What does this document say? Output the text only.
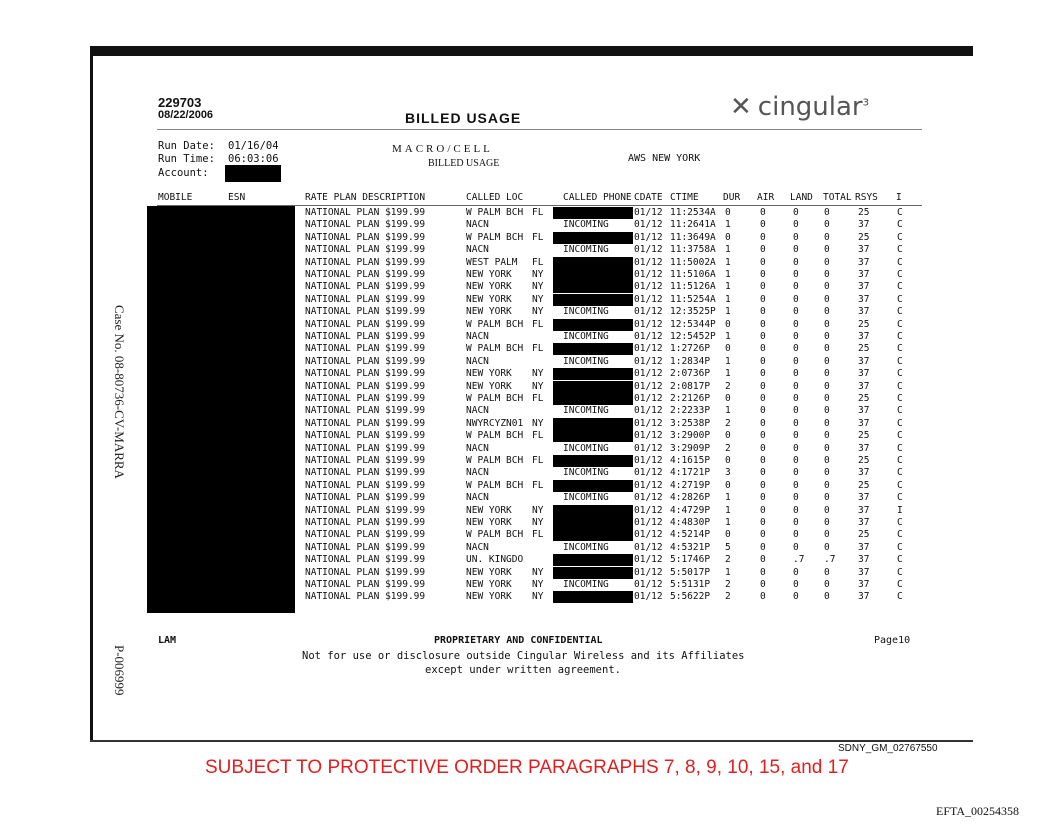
Case No. 08-80736-CV-MARRA
P-006999
229703
08/22/2006	BILLED USAGE	✕ cingular$^ɜ$
Run Date: 01/16/04
Run Time: 06:03:06
Account:
MACRO/CELL
BILLED USAGE	AWS NEW YORK
MOBILE	ESN	RATE PLAN DESCRIPTION	CALLED LOC	CALLED PHONE CDATE CTIME	DUR AIR LAND TOTAL RSYS I
NATIONAL PLAN $199.99	W PALM BCH FL	01/12 11:2534A 0	0	0	0	25	C
NATIONAL PLAN $199.99	NACN	INCOMING	01/12 11:2641A 1	0	0	0	37	C
NATIONAL PLAN $199.99	W PALM BCH FL	01/12 11:3649A 0	0	0	0	25	C
NATIONAL PLAN $199.99	NACN	INCOMING	01/12 11:3758A 1	0	0	0	37	C
NATIONAL PLAN $199.99	WEST PALM FL	01/12 11:5002A 1	0	0	0	37	C
NATIONAL PLAN $199.99	NEW YORK NY	01/12 11:5106A 1	0	0	0	37	C
NATIONAL PLAN $199.99	NEW YORK NY	01/12 11:5126A 1	0	0	0	37	C
NATIONAL PLAN $199.99	NEW YORK NY	01/12 11:5254A 1	0	0	0	37	C
NATIONAL PLAN $199.99	NEW YORK NY INCOMING	01/12 12:3525P 1	0	0	0	37	C
NATIONAL PLAN $199.99	W PALM BCH FL	01/12 12:5344P 0	0	0	0	25	C
NATIONAL PLAN $199.99	NACN	INCOMING	01/12 12:5452P 1	0	0	0	37	C
NATIONAL PLAN $199.99	W PALM BCH FL	01/12 1:2726P 0	0	0	0	25	C
NATIONAL PLAN $199.99	NACN	INCOMING	01/12 1:2834P 1	0	0	0	37	C
NATIONAL PLAN $199.99	NEW YORK NY	01/12 2:0736P 1	0	0	0	37	C
NATIONAL PLAN $199.99	NEW YORK NY	01/12 2:0817P 2	0	0	0	37	C
NATIONAL PLAN $199.99	W PALM BCH FL	01/12 2:2126P 0	0	0	0	25	C
NATIONAL PLAN $199.99	NACN	INCOMING	01/12 2:2233P 1	0	0	0	37	C
NATIONAL PLAN $199.99	NWYRCYZN01 NY	01/12 3:2538P 2	0	0	0	37	C
NATIONAL PLAN $199.99	W PALM BCH FL	01/12 3:2900P 0	0	0	0	25	C
NATIONAL PLAN $199.99	NACN	INCOMING	01/12 3:2909P 2	0	0	0	37	C
NATIONAL PLAN $199.99	W PALM BCH FL	01/12 4:1615P 0	0	0	0	25	C
NATIONAL PLAN $199.99	NACN	INCOMING	01/12 4:1721P 3	0	0	0	37	C
NATIONAL PLAN $199.99	W PALM BCH FL	01/12 4:2719P 0	0	0	0	25	C
NATIONAL PLAN $199.99	NACN	INCOMING	01/12 4:2826P 1	0	0	0	37	C
NATIONAL PLAN $199.99	NEW YORK NY	01/12 4:4729P 1	0	0	0	37	I
NATIONAL PLAN $199.99	NEW YORK NY	01/12 4:4830P 1	0	0	0	37	C
NATIONAL PLAN $199.99	W PALM BCH FL	01/12 4:5214P 0	0	0	0	25	C
NATIONAL PLAN $199.99	NACN	INCOMING	01/12 4:5321P 5	0	0	0	37	C
NATIONAL PLAN $199.99	UN. KINGDO	01/12 5:1746P 2	0	.7 .7 37	C
NATIONAL PLAN $199.99	NEW YORK NY	01/12 5:5017P 1	0	0	0	37	C
NATIONAL PLAN $199.99	NEW YORK NY INCOMING	01/12 5:5131P 2	0	0	0	37	C
NATIONAL PLAN $199.99	NEW YORK NY	01/12 5:5622P 2	0	0	0	37	C
LAM	PROPRIETARY AND CONFIDENTIAL	Page10
Not for use or disclosure outside Cingular Wireless and its Affiliates
except under written agreement.
SDNY_GM_02767550
SUBJECT TO PROTECTIVE ORDER PARAGRAPHS 7, 8, 9, 10, 15, and 17
EFTA_00254358
